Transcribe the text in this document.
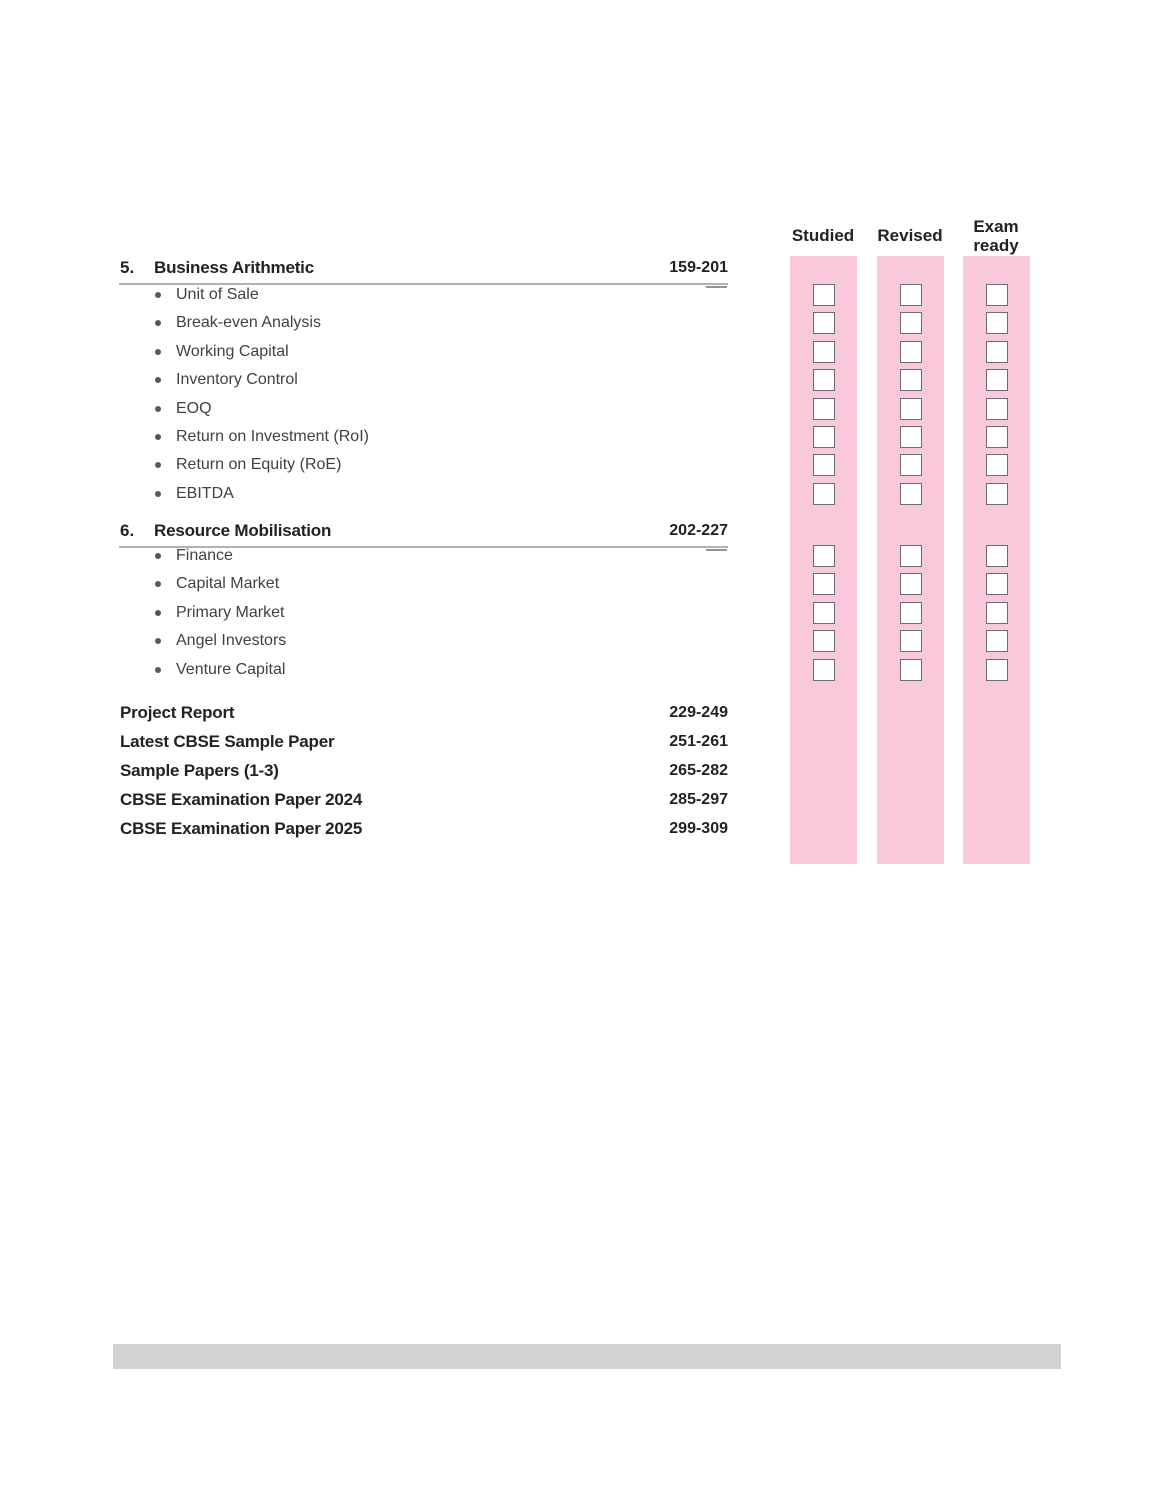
Studied Revised Exam
ready
5. Business Arithmetic	159-201
Unit of Sale
Break-even Analysis
Working Capital
Inventory Control
EOQ
Return on Investment (RoI)
Return on Equity (RoE)
EBITDA
6. Resource Mobilisation	202-227
Finance
Capital Market
Primary Market
Angel Investors
Venture Capital
Project Report	229-249
Latest CBSE Sample Paper	251-261
Sample Papers (1-3)	265-282
CBSE Examination Paper 2024	285-297
CBSE Examination Paper 2025	299-309
